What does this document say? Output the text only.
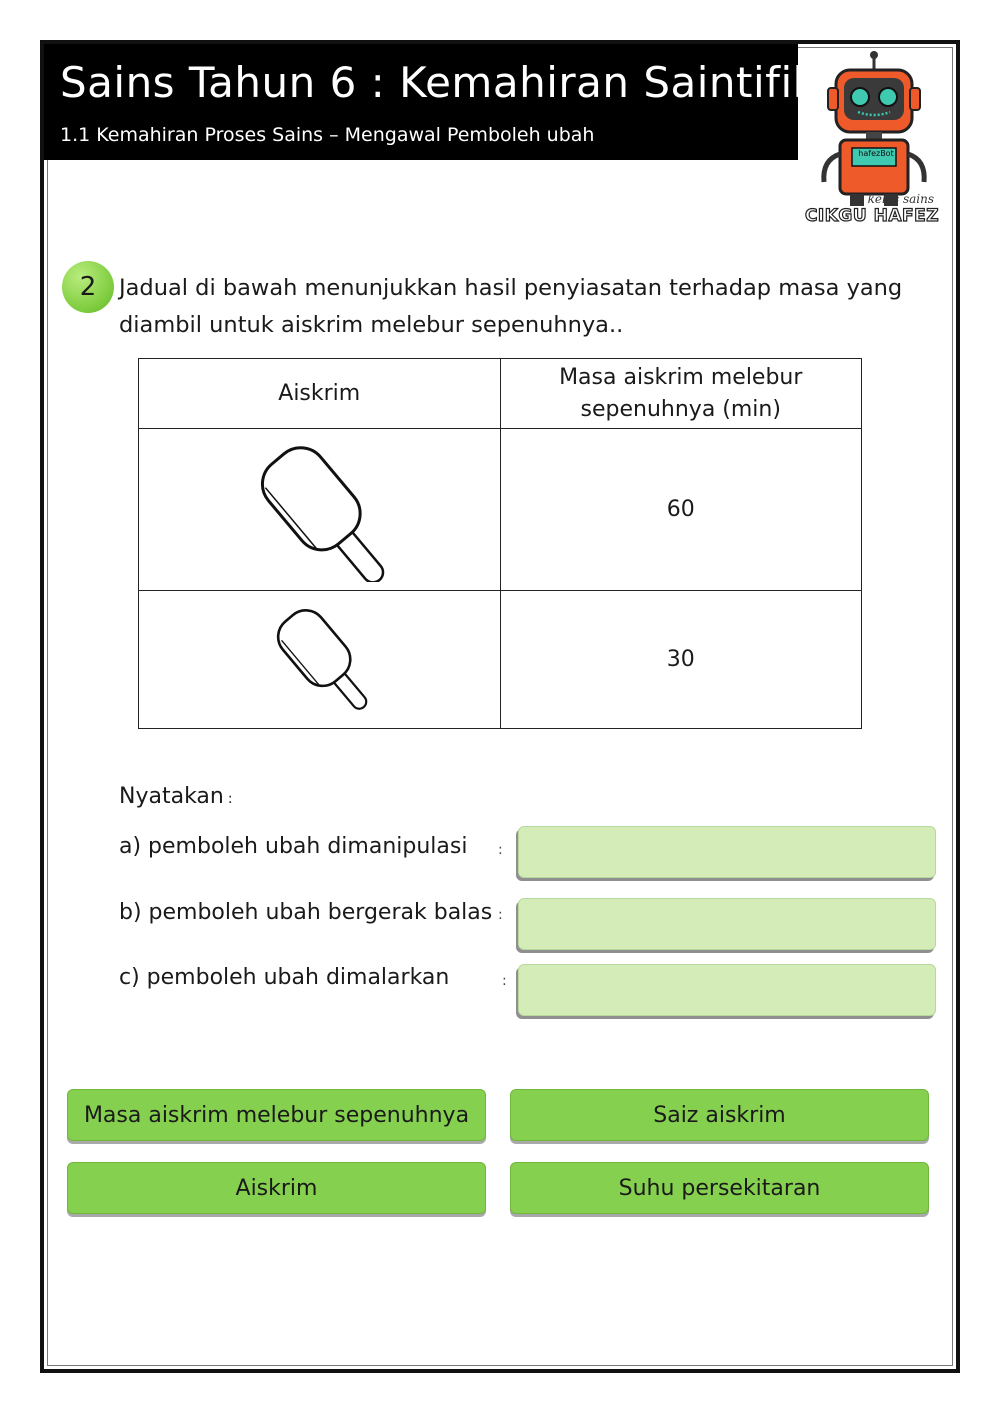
Sains Tahun 6 : Kemahiran Saintifik
1.1 Kemahiran Proses Sains – Mengawal Pemboleh ubah
hafezBot
kelas sains
CIKGU HAFEZ
2	Jadual di bawah menunjukkan hasil penyiasatan terhadap masa yang diambil untuk aiskrim melebur sepenuhnya..
Aiskrim	Masa aiskrim melebur sepenuhnya (min)

	60
	30
Nyatakan :
a) pemboleh ubah dimanipulasi :
b) pemboleh ubah bergerak balas :
c) pemboleh ubah dimalarkan	:
Masa aiskrim melebur sepenuhnya	Saiz aiskrim
Aiskrim	Suhu persekitaran
